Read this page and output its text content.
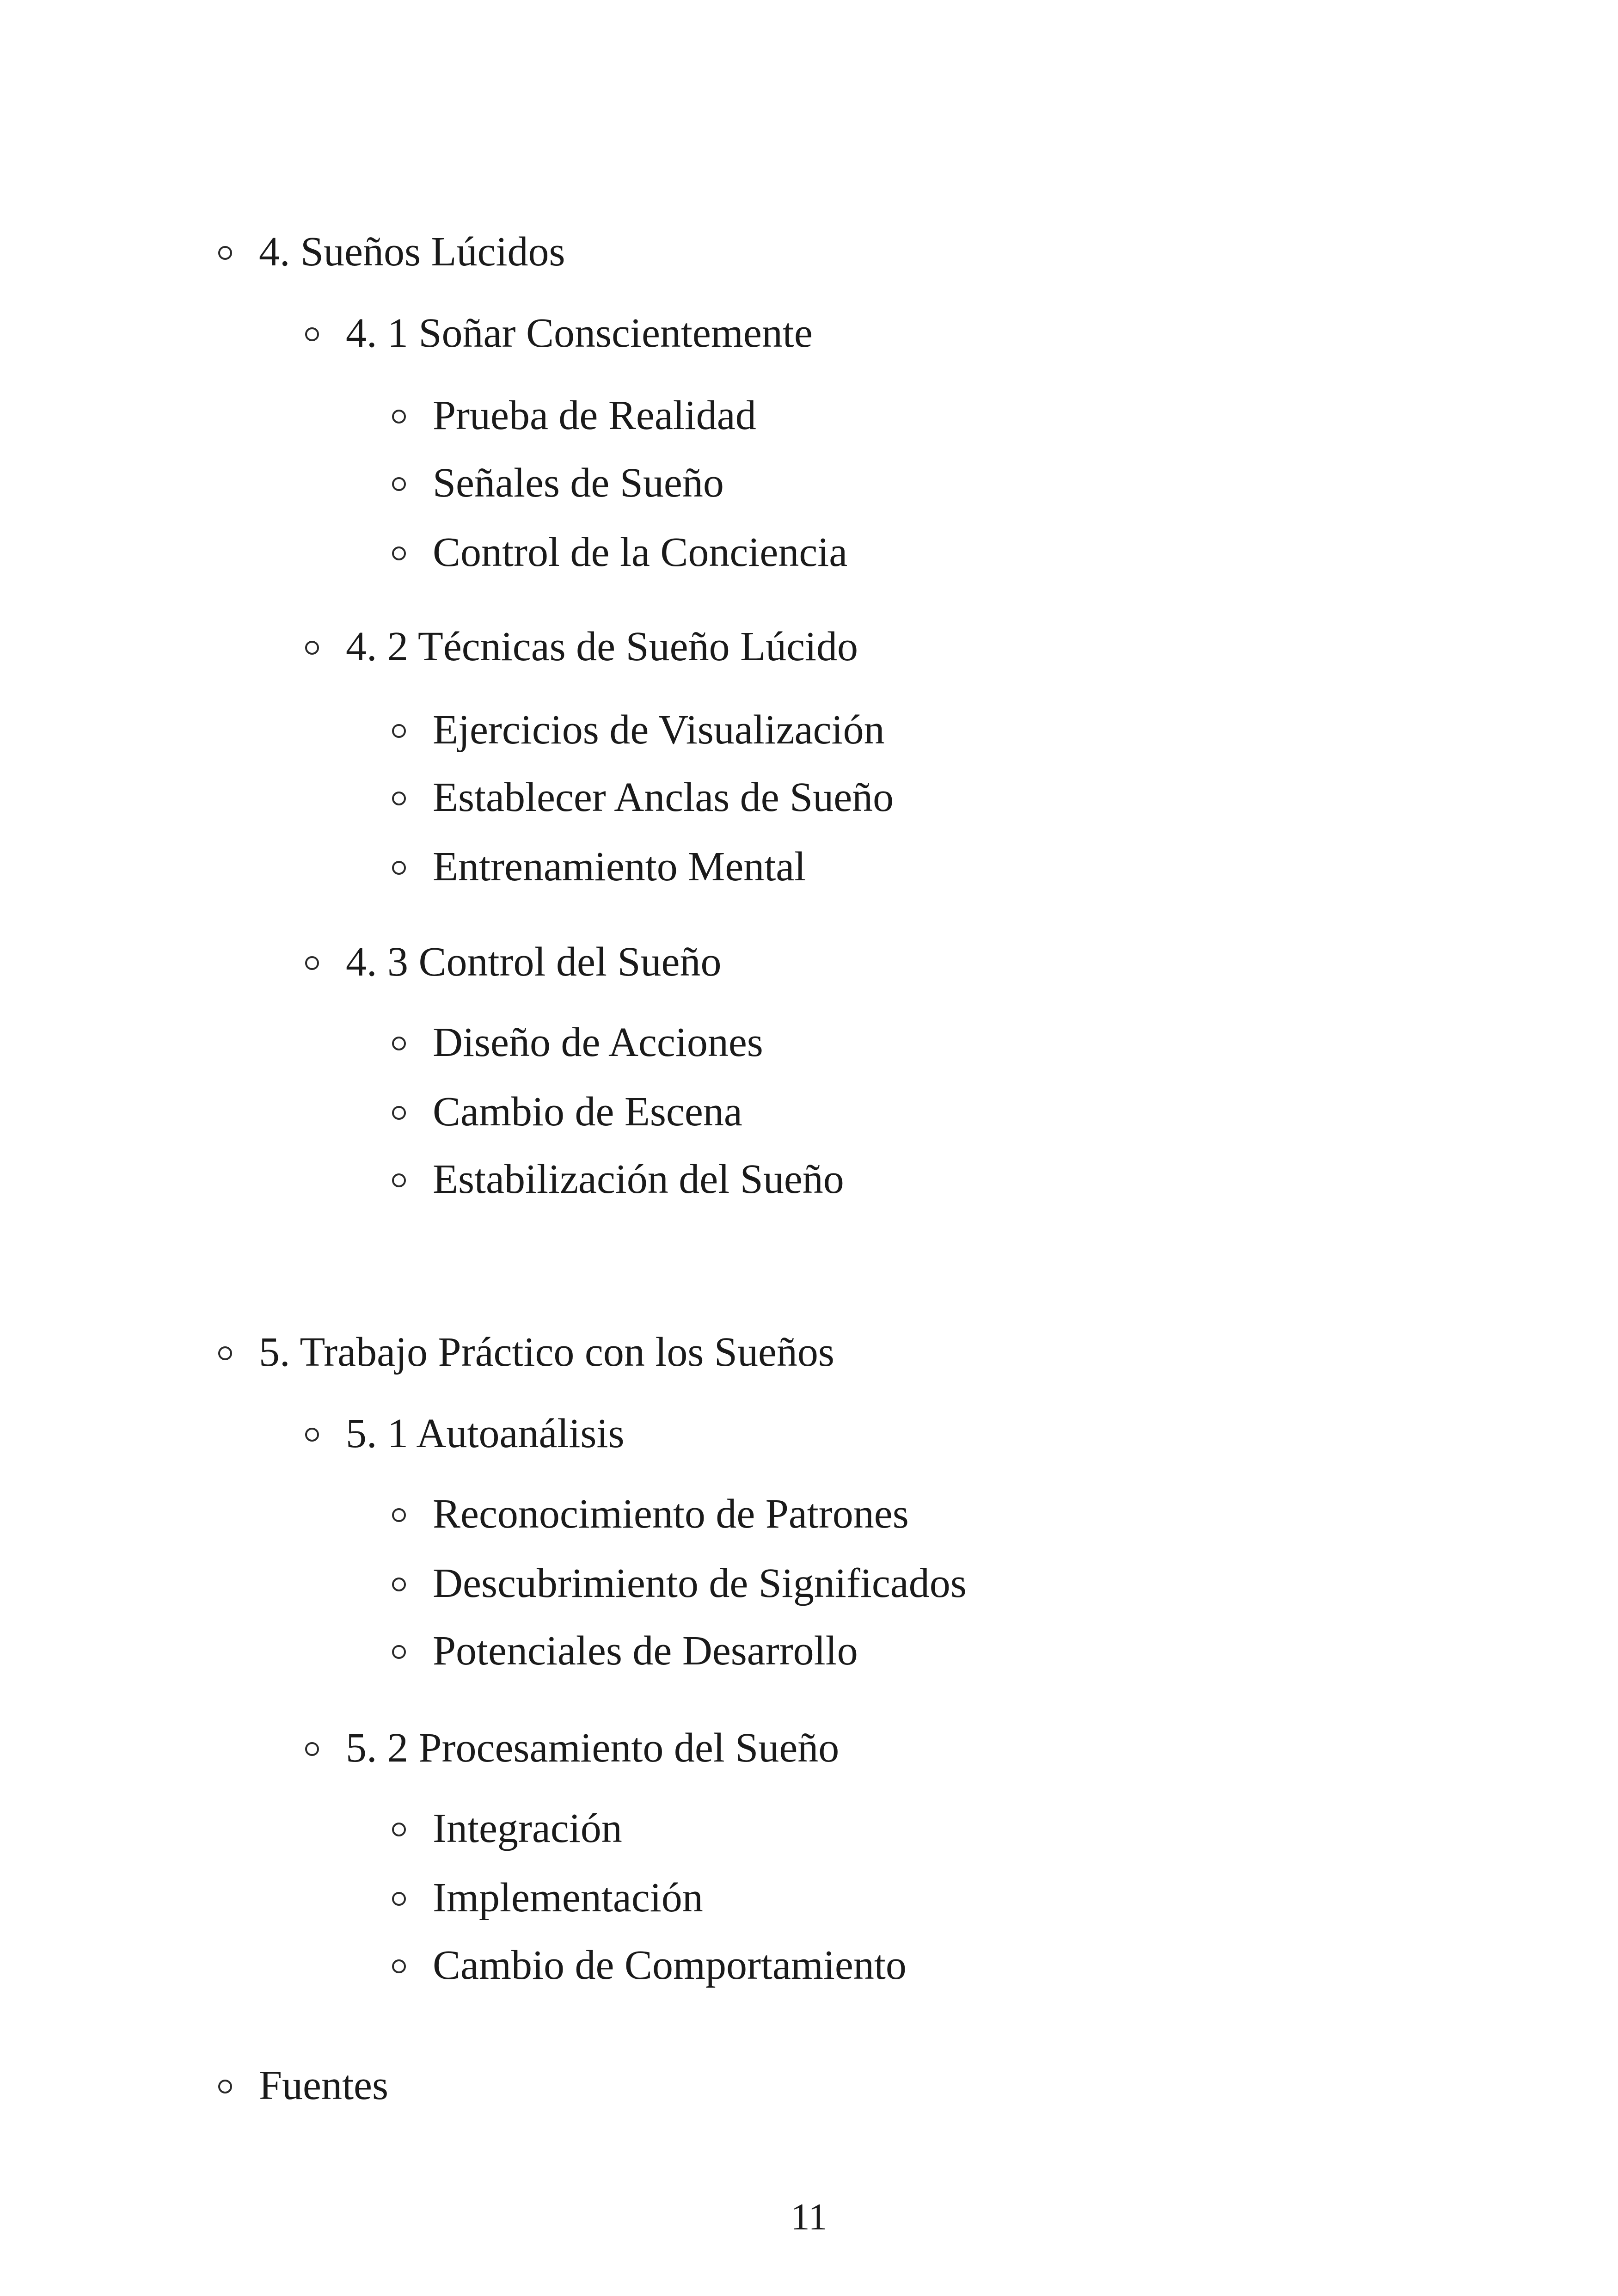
4. Sueños Lúcidos
4. 1 Soñar Conscientemente
Prueba de Realidad
Señales de Sueño
Control de la Conciencia
4. 2 Técnicas de Sueño Lúcido
Ejercicios de Visualización
Establecer Anclas de Sueño
Entrenamiento Mental
4. 3 Control del Sueño
Diseño de Acciones
Cambio de Escena
Estabilización del Sueño
5. Trabajo Práctico con los Sueños
5. 1 Autoanálisis
Reconocimiento de Patrones
Descubrimiento de Significados
Potenciales de Desarrollo
5. 2 Procesamiento del Sueño
Integración
Implementación
Cambio de Comportamiento
Fuentes
11
